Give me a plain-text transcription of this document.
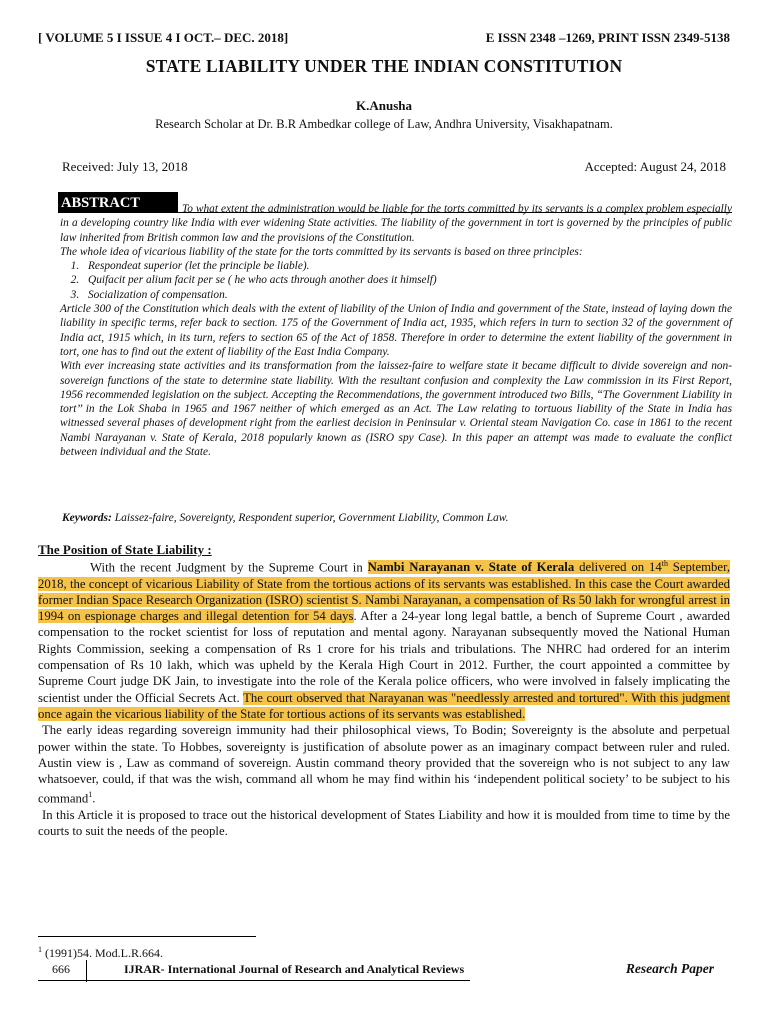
[ VOLUME 5 I ISSUE 4 I OCT.– DEC. 2018]	E ISSN 2348 –1269, PRINT ISSN 2349-5138
STATE LIABILITY UNDER THE INDIAN CONSTITUTION
K.Anusha
Research Scholar at Dr. B.R Ambedkar college of Law, Andhra University, Visakhapatnam.
Received: July 13, 2018	Accepted: August 24, 2018

To what extent the administration would be liable for the torts committed by its servants is a complex problem especially in a developing country like India with ever widening State activities. The liability of the government in tort is governed by the principles of public law inherited from British common law and the provisions of the Constitution.

The whole idea of vicarious liability of the state for the torts committed by its servants is based on three principles:

1. Respondeat superior (let the principle be liable).
2. Quifacit per alium facit per se ( he who acts through another does it himself)
3. Socialization of compensation.

Article 300 of the Constitution which deals with the extent of liability of the Union of India and government of the State, instead of laying down the liability in specific terms, refer back to section. 175 of the Government of India act, 1935, which refers in turn to section 32 of the government of India act, 1915 which, in its turn, refers to section 65 of the Act of 1858. Therefore in order to determine the extent liability of the government in tort, one has to find out the extent of liability of the East India Company.

With ever increasing state activities and its transformation from the laissez-faire to welfare state it became difficult to divide sovereign and non-sovereign functions of the state to determine state liability. With the resultant confusion and complexity the Law commission in its First Report, 1956 recommended legislation on the subject. Accepting the Recommendations, the government introduced two Bills, “The Government Liability in tort’’ in the Lok Shaba in 1965 and 1967 neither of which emerged as an Act. The Law relating to tortuous liability of the State in India has witnessed several phases of development right from the earliest decision in Peninsular v. Oriental steam Navigation Co. case in 1861 to the recent Nambi Narayanan v. State of Kerala, 2018 popularly known as (ISRO spy Case). In this paper an attempt was made to evaluate the conflict between individual and the State.

ABSTRACT
Keywords: Laissez-faire, Sovereignty, Respondent superior, Government Liability, Common Law.
The Position of State Liability :

With the recent Judgment by the Supreme Court in Nambi Narayanan v. State of Kerala delivered on 14th September, 2018, the concept of vicarious Liability of State from the tortious actions of its servants was established. In this case the Court awarded former Indian Space Research Organization (ISRO) scientist S. Nambi Narayanan, a compensation of Rs 50 lakh for wrongful arrest in 1994 on espionage charges and illegal detention for 54 days. After a 24-year long legal battle, a bench of Supreme Court , awarded compensation to the rocket scientist for loss of reputation and mental agony. Narayanan subsequently moved the National Human Rights Commission, seeking a compensation of Rs 1 crore for his trials and tribulations. The NHRC had ordered for an interim compensation of Rs 10 lakh, which was upheld by the Kerala High Court in 2012. Further, the court appointed a committee by Supreme Court judge DK Jain, to investigate into the role of the Kerala police officers, who were involved in falsely implicating the scientist under the Official Secrets Act. The court observed that Narayanan was "needlessly arrested and tortured". With this judgment once again the vicarious liability of the State for tortious actions of its servants was established.

The early ideas regarding sovereign immunity had their philosophical views, To Bodin; Sovereignty is the absolute and perpetual power within the state. To Hobbes, sovereignty is justification of absolute power as an imaginary compact between ruler and ruled. Austin view is , Law as command of sovereign. Austin command theory provided that the sovereign who is not subject to any law whatsoever, could, if that was the wish, command all whom he may find within his ‘independent political society’ to be subject to his command$^1$.

In this Article it is proposed to trace out the historical development of States Liability and how it is moulded from time to time by the courts to suit the needs of the people.

$^1$ (1991)54. Mod.L.R.664.
666	IJRAR- International Journal of Research and Analytical Reviews	Research Paper
